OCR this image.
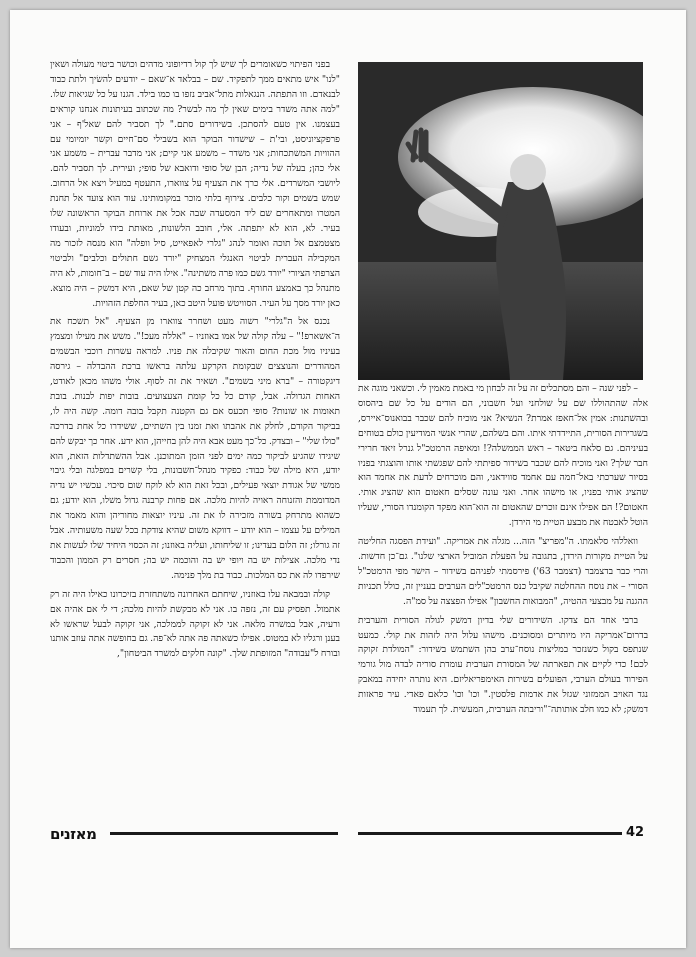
בפני הפיתוי כשאומרים לך שיש לך קול רדיופוני מדהים וכושר ביטוי מעולה ושאין "לנו" איש מתאים ממך לתפקיד. שם – בבלאד א־שאם – יודעים להשׂיך ולתת כבוד לבנאדם. וזו התפתה. הנגאלות מתל־אביב נזפו בו כמו בילד. הגנו על כל שגיאות שלו. "למה אתה משדר בימים שאין לך מה לבשר? מה שכתוב בעיתונות אנחנו קוראים בעצמנו. אין טעם להסתכן. בשידורים סתם." לך תסביר להם שאל'ף – אני פרפקציוניסט, ובי'ת – שישדור הבוקר הוא בשבילי סם־חיים וקשר יומיומי עם ההוויות המשתכחות; אני משדר – משמע אני קיים; אני מדבר עברית – משמע אני אלי כהן; בעלה של נדיה; הבן של סופי ודואבא של סופי; ועירית. לך תסביר להם. ליושבי המשרדים. אלי כרך את הצעיף על צווארו, התעטף במעיל ויצא אל הרחוב. שמש בשמים וקור כלבים. צירוף בלתי מוכר במקומותינו. עוד הוא צועד אל תחנת המטרו ומתאחרים שם ליד המסעדה שבה אכל את ארוחת הבוקר הראשונה שלו בעיר. לא, הוא לא יתפתה. אלי, חובב הלשונות, מאותת בידו למוניות, ובעודו מצטמצם אל תוכה ואומר לנהג "גלרי לאפאייט, סיל וופלה" הוא מנסה לזכור מה המקבילה העברית לביטוי האנגלי המצחיק "יורד גשם חתולים וכלבים" ולביטוי הצרפתי הציורי "יורד גשם כמו פרה משתינה". אילו היה עוד שם – ב־חומות, לא היה מתנהל כך באמצע החורף. בתוך מרחב כה קטן של שאם, היא דמשק – היה מוצא. כאן יורד מסך על העיר. הסוויטש פועל היטב כאן, בעיר החלפת הזהויות.

נכנס אל ה"גלרי" רשוה מעט ושחרר צווארו מן הצעיף. "אל תשכח את ה־אשארפ!" – עלה קולה של אמו באוזניו – "אללה מעכ!". משש את מעילו ומצמץ בעיניו מול מכת החום והאור שקיבלה את פניו. למראה עשרות רוכבי הבשמים המהודרים והנוצצים שבקומת הקרקע עלתה בראשו ברכת ההבדלה – גירסה דיגקטורה – "ברא מיני בשמים". ושאיר את זה לסוף. אולי משהו מכאן לאודט, האחות הגדולה. אבל, קודם כל כל קומת הצעצועים. בובות יפות לבנות. בובת תאומות או שונות? סופי תכעס אם גם הקטנה תקבל בובה דומה. קשה היה לו, בביקור הקודם, לחלק את אהבתו ואת זמנו בין השתיים, ששידרו כל אחת בדרכה "כולו שלי" – ובצדק. כל־כך מעט אבא היה להן בחייהן, הוא ידע. אחר כך יבקש להם שיגידו שהגיע לביקור כמה ימים לפני הזמן המתוכנן. אבל ההשתדלות הזאת, הוא יודע, היא מילה של כבוד: כפקיד מנהל־חשבונות, בלי קשרים במפלגה ובלי גיבוי ממשי של אגודת יוצאי פעילים, ובכל זאת הוא לא לוקח שום סיכוי. עכשיו יש נדיה המדוממת והזנוחה ראויה להיות מלכה. אם פחות קרבנה גדול משלו, הוא יודע; גם כשהוא מתרחק בשורה מזכירה לו את זה. עיניו יוצאות מחוריהן והוא מאמר את המילים על עצמו – הוא יודע – דווקא משום שהיא צודקת בכל שעה משעותיה. אבל זה גורלו; זה הלום בעדינו; זו שליחותו, ועליה באוזנו; זה הכסוי היחיד שלו לעשות את נדי מלכה. אצילות יש בה ויופי יש בה והוכמה יש בה; חסרים רק הממון והכבוד שירפדו לה את כס המלכות. כבוד בת מלך פנימה.

קולה ובמבאה עלו באוזניו, שיחתם האחרונה משתחזרת בזיכרונו כאילו היה זה רק אתמול. תפסיק עם זה, נזפה בו. אני לא מבקשת להיות מלכה; די לי אם אהיה אם ורעיה, אבל במשרה מלאה. אני לא זקוקה לממלכה, אני זקוקה לבעל שראשו לא בענן ורגליו לא במטוס. אפילו כשאתה פה אתה לא־פה. גם בחופשה אתה עוזב אותנו ובורח ל"עבודה" המזופתת שלך. "קונה חלקים למשרד הביטחון",

– לפני שנה – והם מסתכלים זה על זה לבחון מי באמת מאמין לי. וכשאני מוגה את אלה שהתהוללו שם על שולחני ועל חשבוני, הם הודים על כל שם ביהסוס ובהשתנות: אמין אל־חאפז אמרת? הנשיא? אני מוכיח להם שכבר בבואנוס־איירס, בשגרירות הסורית, התיידדתי איתו. והם בשלהם, שהרי אנשי המודיעין כולם בטוחים בעיניהם. גם סלאח ביטאר – ראש הממשלה?! ומאיפה הרמטכ"ל גנרל זיאד חרירי חבר שלך? ואני מוכיח להם שכבר בשידור ספיתתי להם שפגשתי אותו והוצגתי בפניו בסיור שערכתי באל־חמה עם אחמד סווידאני, והם מוכרחים לדעת את אחמד הוא שהציג אותי בפניו, או מישהו אחר. ואני עונה שסלים חאטום הוא שהציג אותי. חאטום?! הם אפילו אינם זוכרים שהאטום זה הוא־הוא מפקד הקומנדו הסורי, שעליו הוטל לאבטח את מבצע הטיית מי הירדן.

וואללהי סלאמתו. ה"מפריצ" הזה... מגלה את אמריקה. "ועידת הפסגה החליטה על הטיית מקורות הירדן, בתגובה על הפעלת המוביל הארצי שלנו". גם־כן חדשות. והרי כבר בדצמבר (דצמבר 63') פירסמתי לפניהם בשידור – הישר מפי הרמטכ"ל הסורי – את נוסח ההחלטה שקיבל כנס הרמטכ"לים הערבים בעניין זה, כולל תכניות ההגנה על מבצעי ההטיה, "המבואות החשבון" אפילו הפצצה על סמ"ה.

ברבי אחד הם צדקו. השידורים שלי בדיון דמשק לגולה הסורית והערבית בדרום־אמריקה היו מיותרים ומסוכנים. מישהו עלול היה לזהות את קולי. כמעט שנתפס בקול כשנזכר במליצות נוסח־ערב בהן השתמש בשידור: "המולדת זקוקה לכם! כדי לקיים את תפארתה של המסורת הערבית עומדת סוריה לבדה מול גורמי הפירוד בעולם הערבי, הפועלים בשירות האימפריאליזם. היא נותרה יחידה במאבק נגד האויב הממזוני שגזל את אדמות פלסטין." וכו' וכו' כלאם פאדי. עיר פראזות דמשק; לא כמו חלב אותותה־"וריבתה הערבית, המעשית. לך תעמוד

מאזנים	42
